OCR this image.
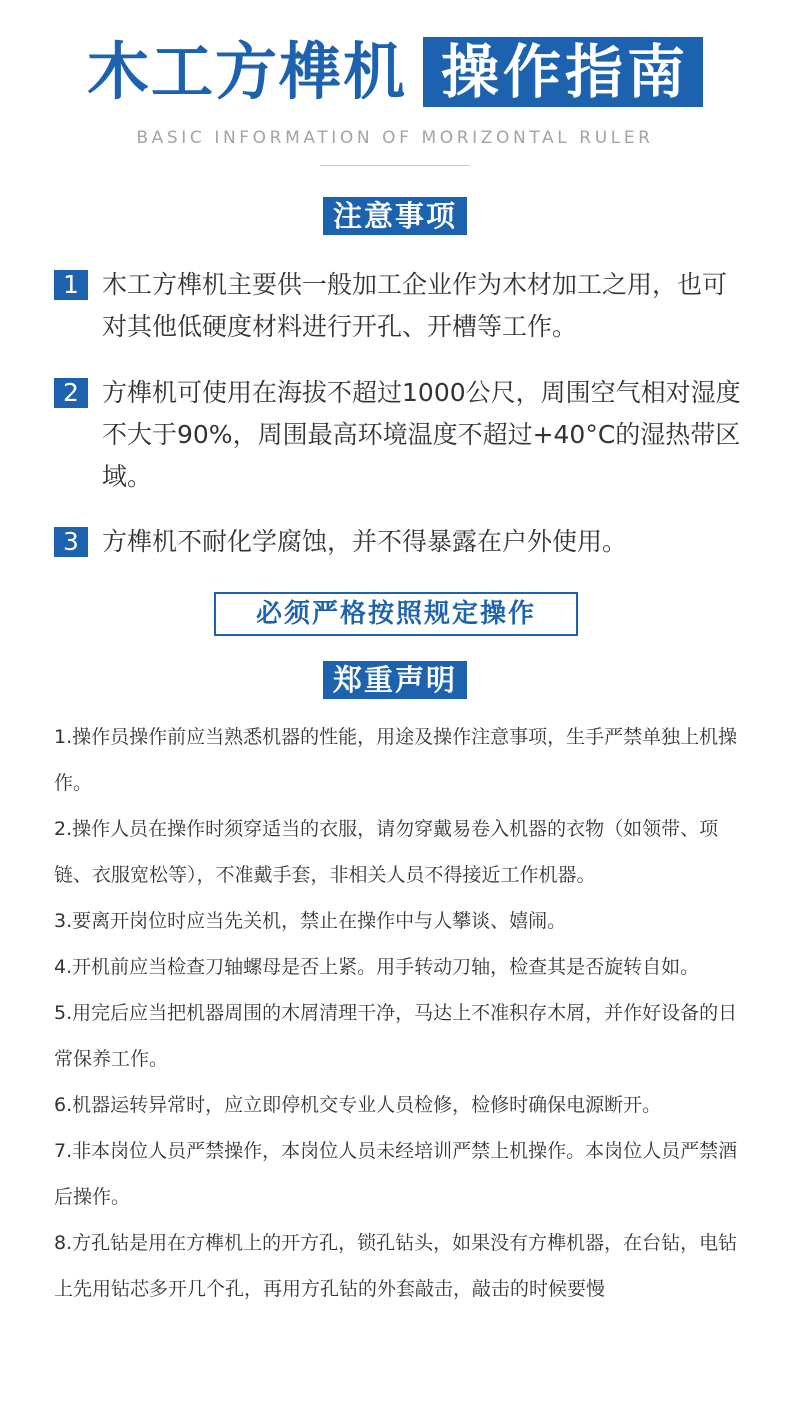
木工方榫机 操作指南
BASIC INFORMATION OF MORIZONTAL RULER
注意事项
1 木工方榫机主要供一般加工企业作为木材加工之用，也可对其他低硬度材料进行开孔、开槽等工作。
2 方榫机可使用在海拔不超过1000公尺，周围空气相对湿度不大于90%，周围最高环境温度不超过+40°C的湿热带区域。
3 方榫机不耐化学腐蚀，并不得暴露在户外使用。
必须严格按照规定操作
郑重声明
1.操作员操作前应当熟悉机器的性能，用途及操作注意事项，生手严禁单独上机操作。
2.操作人员在操作时须穿适当的衣服，请勿穿戴易卷入机器的衣物（如领带、项链、衣服宽松等），不准戴手套，非相关人员不得接近工作机器。
3.要离开岗位时应当先关机，禁止在操作中与人攀谈、嬉闹。
4.开机前应当检查刀轴螺母是否上紧。用手转动刀轴，检查其是否旋转自如。
5.用完后应当把机器周围的木屑清理干净，马达上不准积存木屑，并作好设备的日常保养工作。
6.机器运转异常时，应立即停机交专业人员检修，检修时确保电源断开。
7.非本岗位人员严禁操作，本岗位人员未经培训严禁上机操作。本岗位人员严禁酒后操作。
8.方孔钻是用在方榫机上的开方孔，锁孔钻头，如果没有方榫机器，在台钻，电钻上先用钻芯多开几个孔，再用方孔钻的外套敲击，敲击的时候要慢
